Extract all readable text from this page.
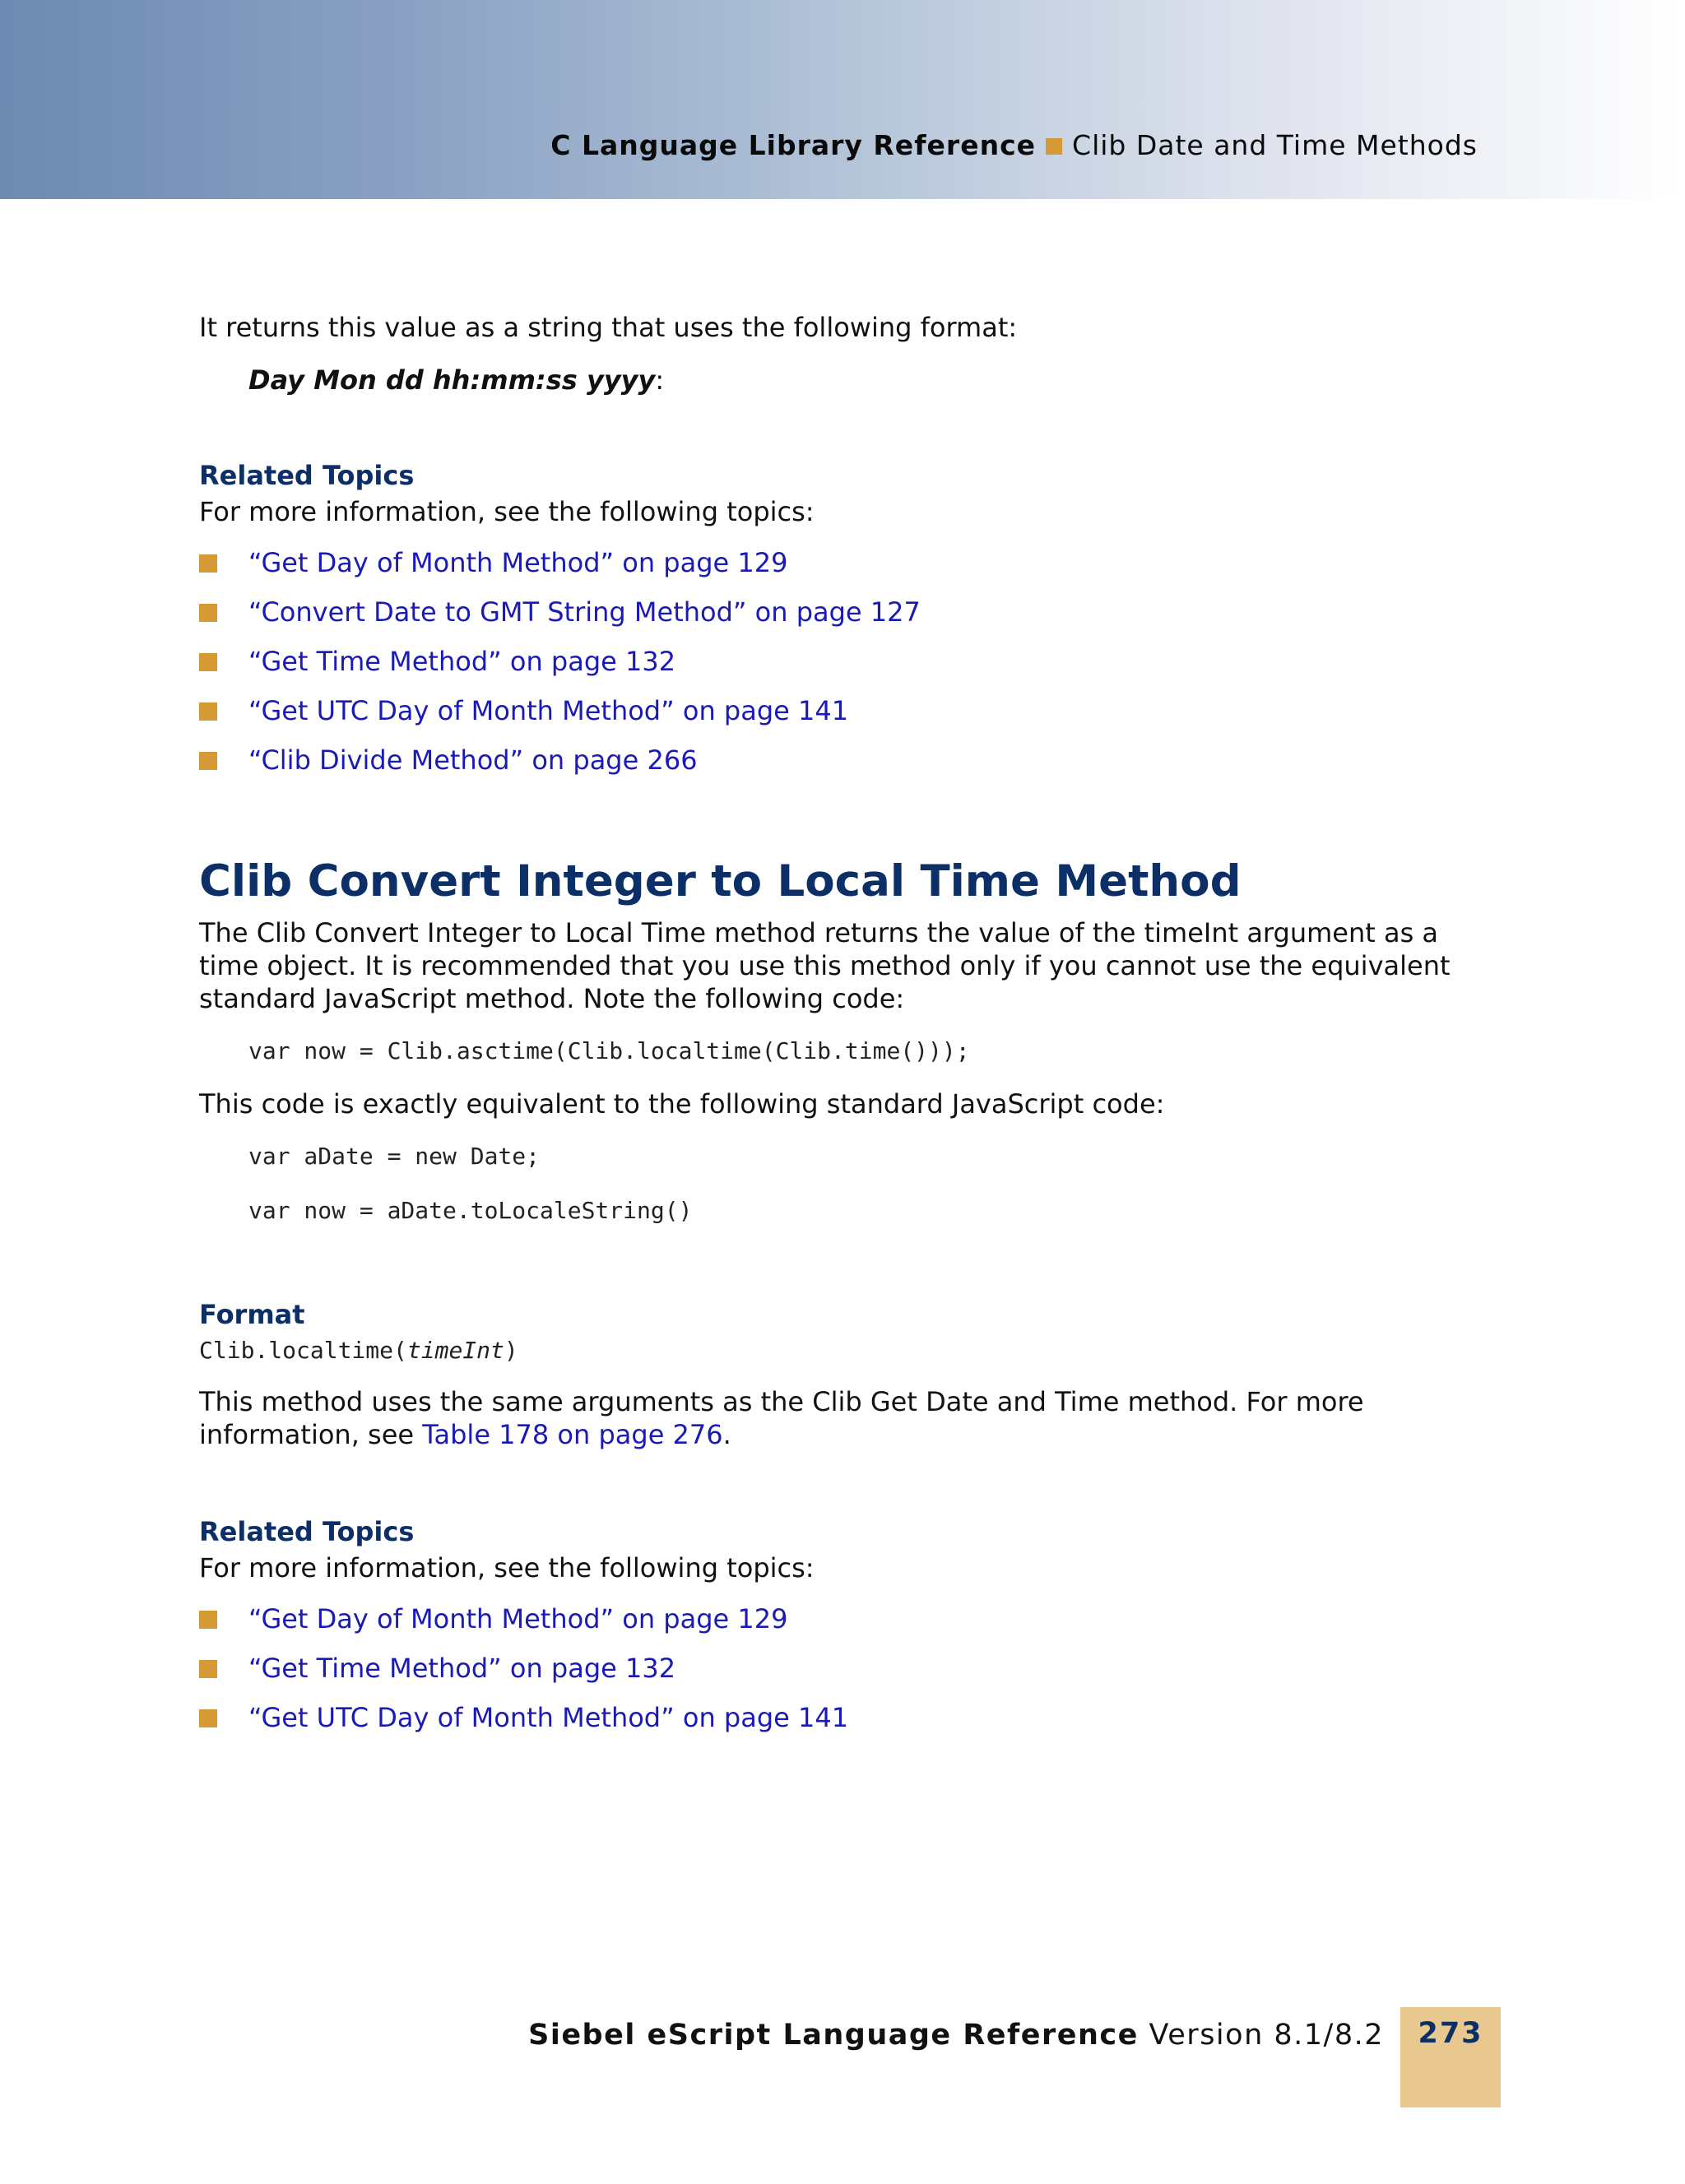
C Language Library Reference Clib Date and Time Methods

It returns this value as a string that uses the following format:

Day Mon dd hh:mm:ss yyyy:

Related Topics

For more information, see the following topics:

“Get Day of Month Method” on page 129
“Convert Date to GMT String Method” on page 127
“Get Time Method” on page 132
“Get UTC Day of Month Method” on page 141
“Clib Divide Method” on page 266
Clib Convert Integer to Local Time Method

The Clib Convert Integer to Local Time method returns the value of the timeInt argument as a time object. It is recommended that you use this method only if you cannot use the equivalent standard JavaScript method. Note the following code:

var now = Clib.asctime(Clib.localtime(Clib.time()));

This code is exactly equivalent to the following standard JavaScript code:

var aDate = new Date;

var now = aDate.toLocaleString()

Format

Clib.localtime(timeInt)

This method uses the same arguments as the Clib Get Date and Time method. For more information, see Table 178 on page 276.

Related Topics

For more information, see the following topics:

“Get Day of Month Method” on page 129
“Get Time Method” on page 132
“Get UTC Day of Month Method” on page 141
Siebel eScript Language Reference Version 8.1/8.2	273
